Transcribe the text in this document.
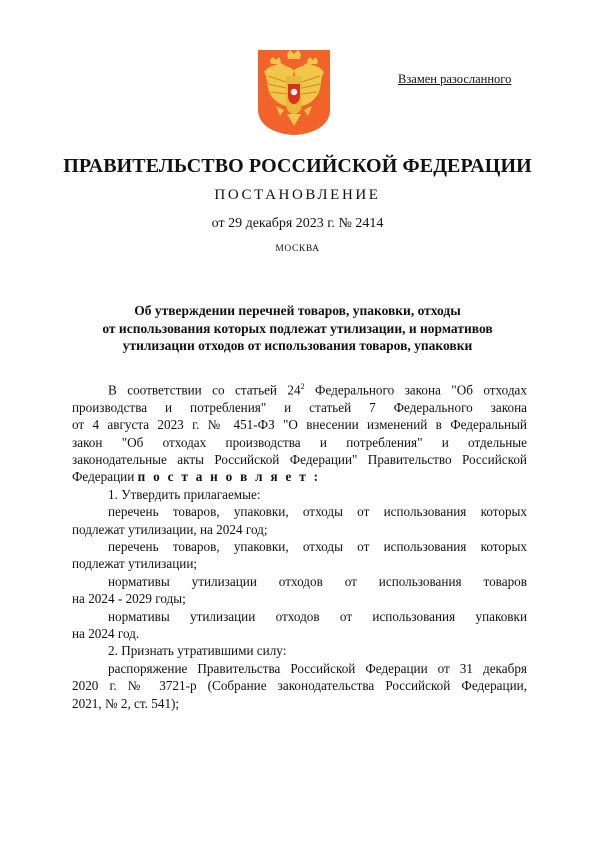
Взамен разосланного
ПРАВИТЕЛЬСТВО РОССИЙСКОЙ ФЕДЕРАЦИИ
ПОСТАНОВЛЕНИЕ
от 29 декабря 2023 г. № 2414
МОСКВА
Об утверждении перечней товаров, упаковки, отходы
от использования которых подлежат утилизации, и нормативов
утилизации отходов от использования товаров, упаковки
В соответствии со статьей $24^2$ Федерального закона "Об отходах
производства и потребления" и статьей 7 Федерального закона
от 4 августа 2023 г. № 451-ФЗ "О внесении изменений в Федеральный
закон "Об отходах производства и потребления" и отдельные
законодательные акты Российской Федерации" Правительство Российской
Федерации п о с т а н о в л я е т :
1. Утвердить прилагаемые:
перечень товаров, упаковки, отходы от использования которых
подлежат утилизации, на 2024 год;
перечень товаров, упаковки, отходы от использования которых
подлежат утилизации;
нормативы утилизации отходов от использования товаров
на 2024 - 2029 годы;
нормативы утилизации отходов от использования упаковки
на 2024 год.
2. Признать утратившими силу:
распоряжение Правительства Российской Федерации от 31 декабря
2020 г. № 3721-р (Собрание законодательства Российской Федерации,
2021, № 2, ст. 541);
